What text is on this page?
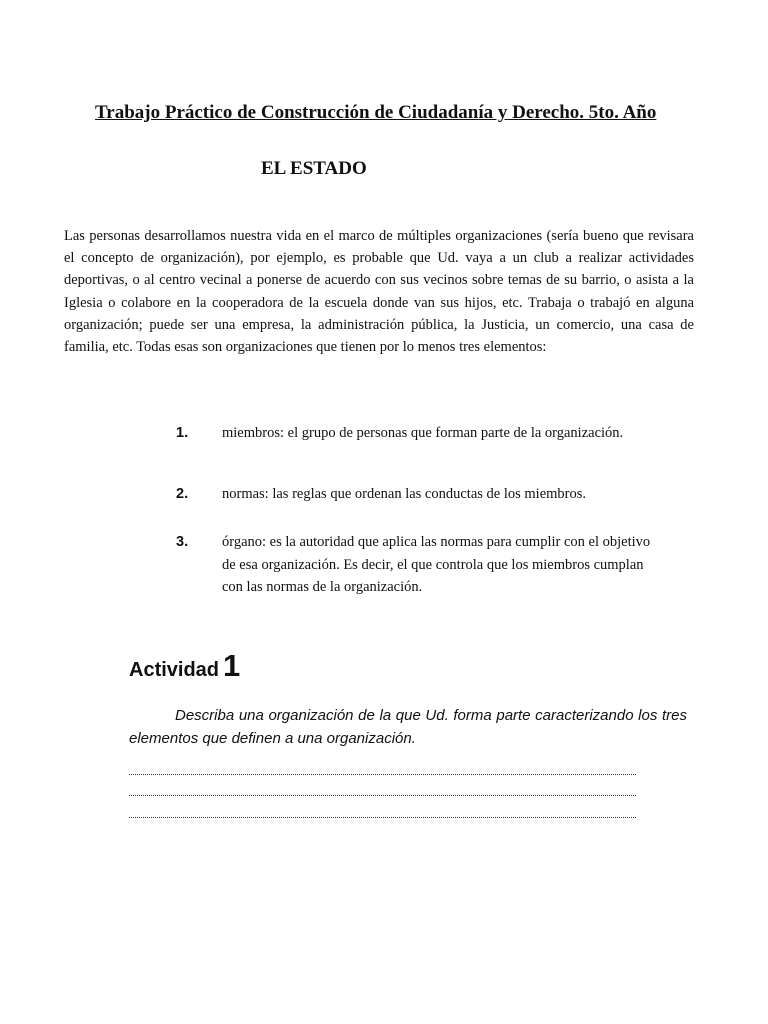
Trabajo Práctico de Construcción de Ciudadanía y Derecho. 5to. Año
EL ESTADO

Las personas desarrollamos nuestra vida en el marco de múltiples organizaciones (sería bueno que revisara el concepto de organización), por ejemplo, es probable que Ud. vaya a un club a realizar actividades deportivas, o al centro vecinal a ponerse de acuerdo con sus vecinos sobre temas de su barrio, o asista a la Iglesia o colabore en la cooperadora de la escuela donde van sus hijos, etc. Trabaja o trabajó en alguna organización; puede ser una empresa, la administración pública, la Justicia, un comercio, una casa de familia, etc. Todas esas son organizaciones que tienen por lo menos tres elementos:

1. miembros: el grupo de personas que forman parte de la organización.
2. normas: las reglas que ordenan las conductas de los miembros.
3. órgano: es la autoridad que aplica las normas para cumplir con el objetivo de esa organización. Es decir, el que controla que los miembros cumplan con las normas de la organización.
Actividad 1

Describa una organización de la que Ud. forma parte caracterizando los tres elementos que definen a una organización.
